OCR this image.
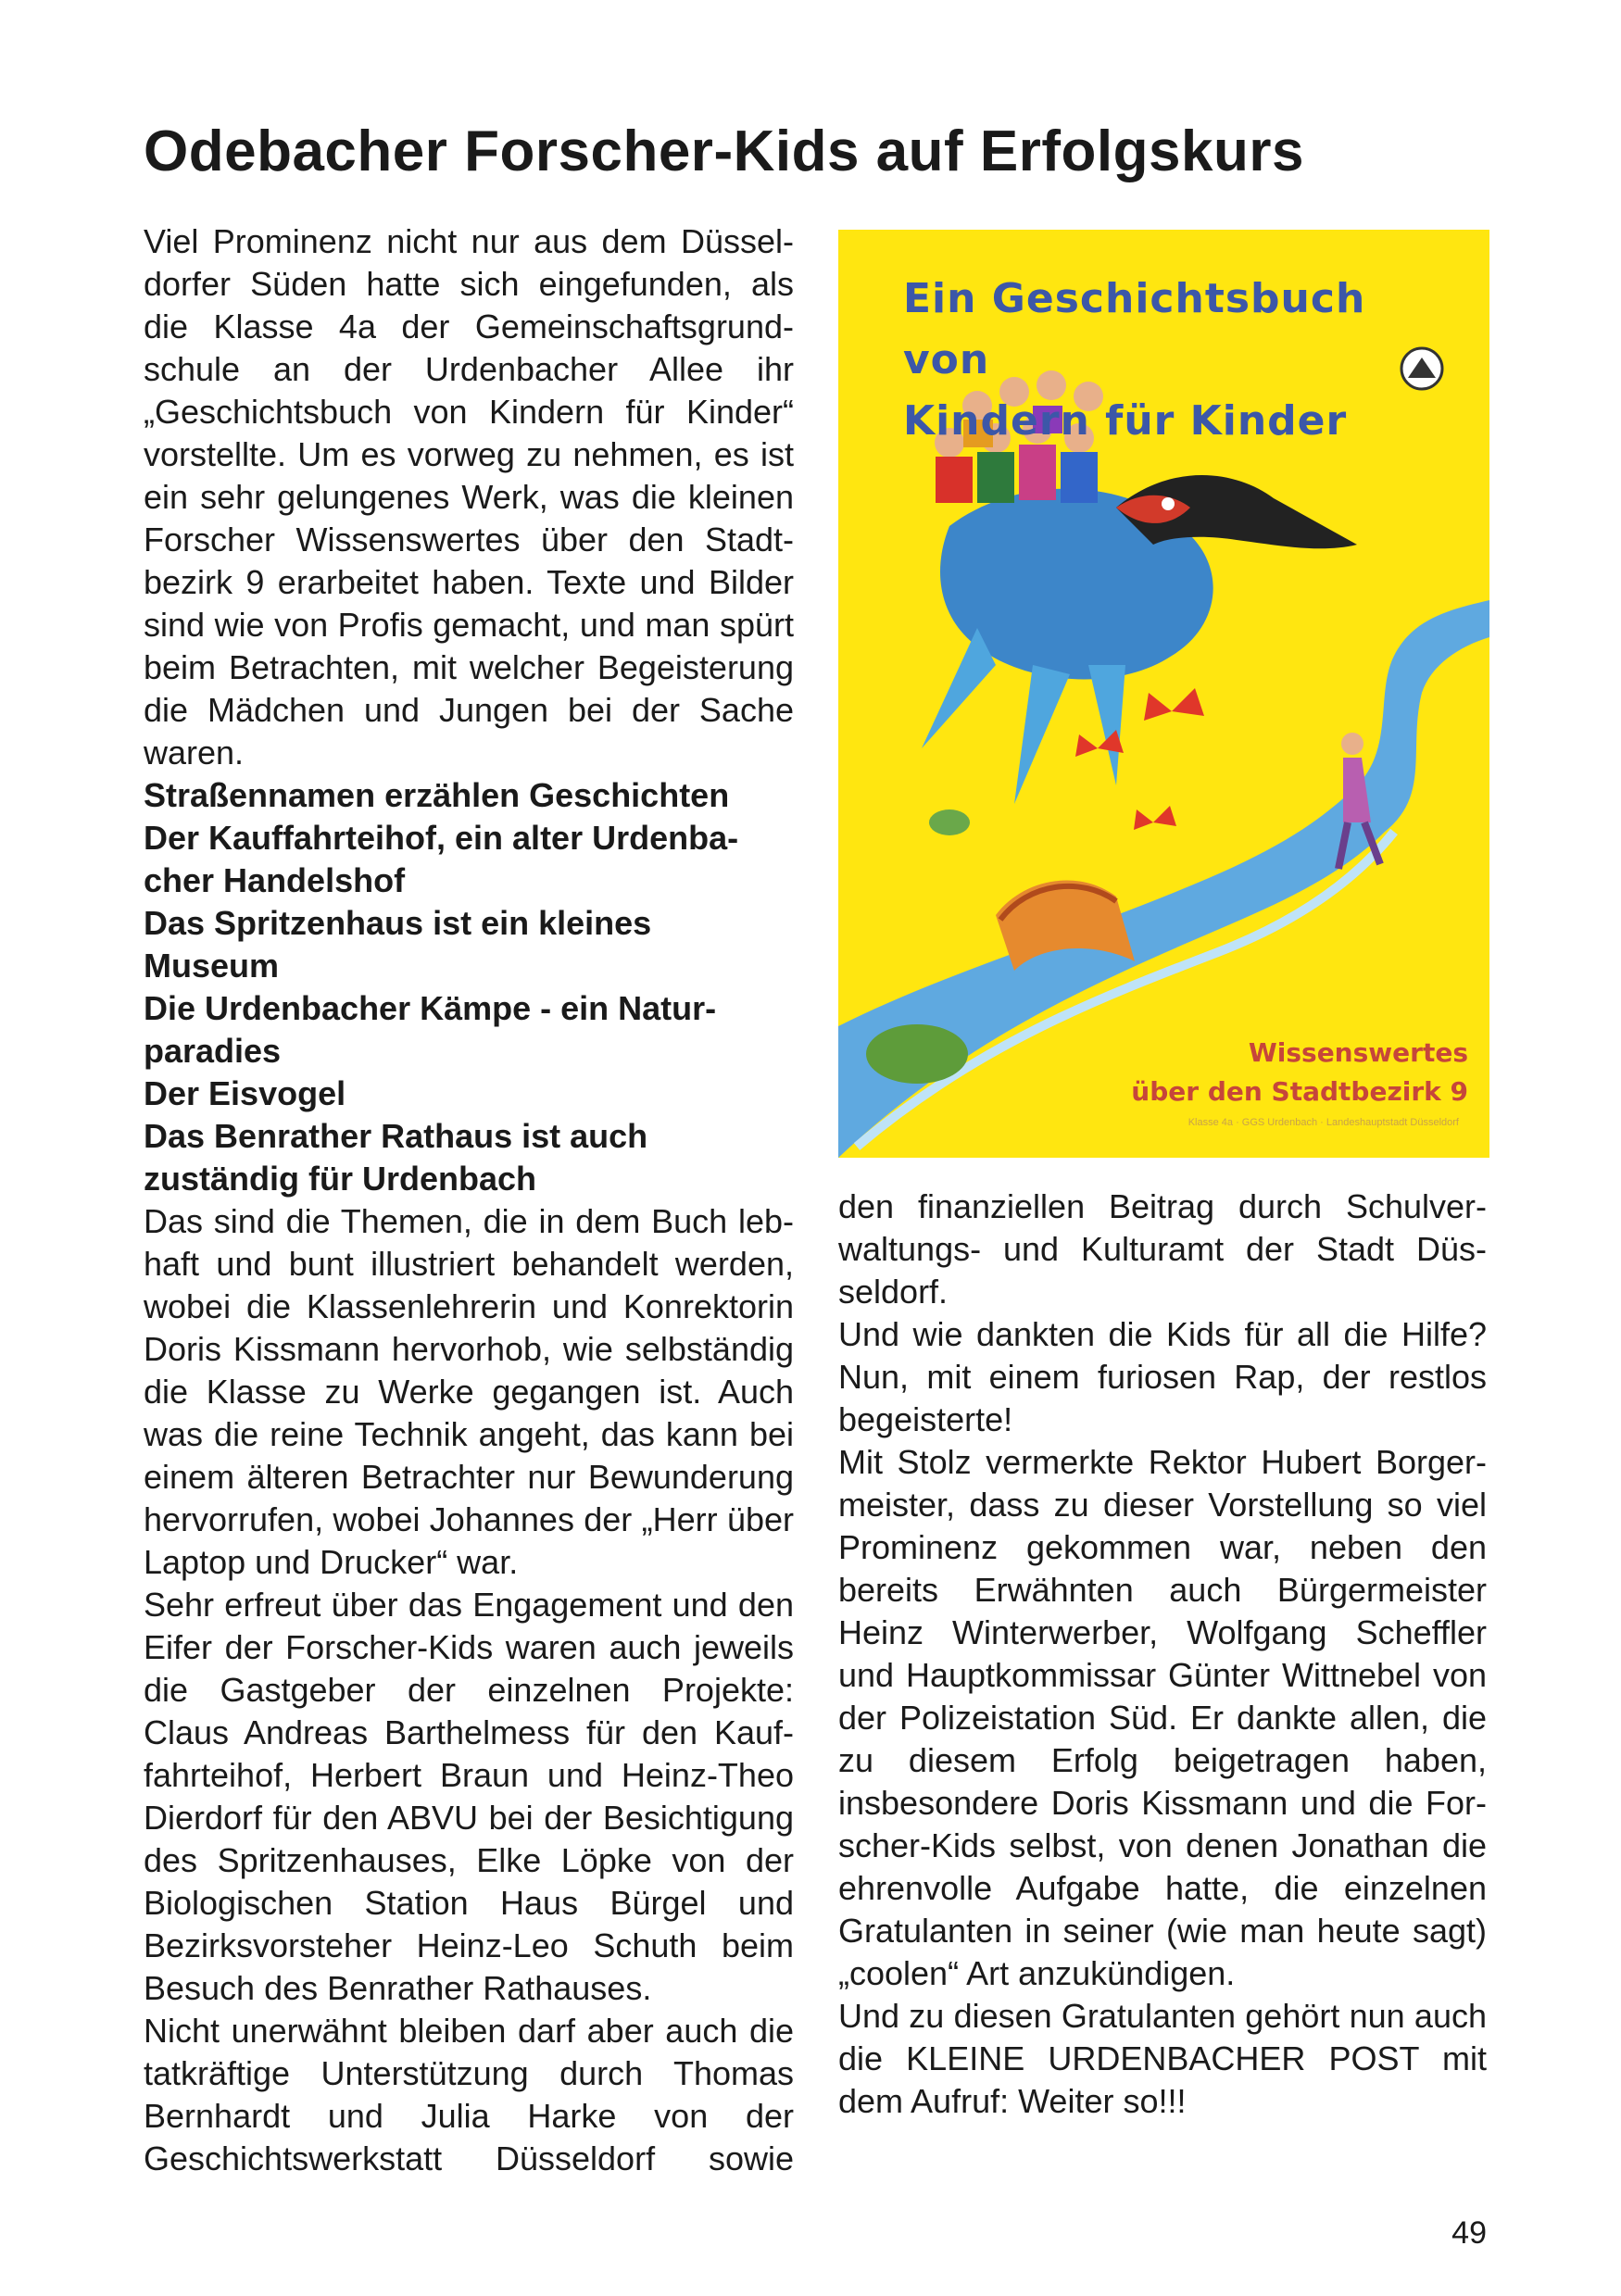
Odebacher Forscher-Kids auf Erfolgskurs

Viel Prominenz nicht nur aus dem Düsseldorfer Süden hatte sich eingefunden, als die Klasse 4a der Gemeinschaftsgrundschule an der Urdenbacher Allee ihr „Geschichtsbuch von Kindern für Kinder“ vorstellte. Um es vorweg zu nehmen, es ist ein sehr gelungenes Werk, was die kleinen Forscher Wissenswertes über den Stadtbezirk 9 erarbeitet haben. Texte und Bilder sind wie von Profis gemacht, und man spürt beim Betrachten, mit welcher Begeisterung die Mädchen und Jungen bei der Sache waren.

Straßennamen erzählen Geschichten

Der Kauffahrteihof, ein alter Urdenbacher Handelshof

Das Spritzenhaus ist ein kleines Museum

Die Urdenbacher Kämpe - ein Naturparadies

Der Eisvogel

Das Benrather Rathaus ist auch zuständig für Urdenbach

Das sind die Themen, die in dem Buch lebhaft und bunt illustriert behandelt werden, wobei die Klassenlehrerin und Konrektorin Doris Kissmann hervorhob, wie selbständig die Klasse zu Werke gegangen ist. Auch was die reine Technik angeht, das kann bei einem älteren Betrachter nur Bewunderung hervorrufen, wobei Johannes der „Herr über Laptop und Drucker“ war.

Sehr erfreut über das Engagement und den Eifer der Forscher-Kids waren auch jeweils die Gastgeber der einzelnen Projekte: Claus Andreas Barthelmess für den Kauffahrteihof, Herbert Braun und Heinz-Theo Dierdorf für den ABVU bei der Besichtigung des Spritzenhauses, Elke Löpke von der Biologischen Station Haus Bürgel und Bezirksvorsteher Heinz-Leo Schuth beim Besuch des Benrather Rathauses.

Nicht unerwähnt bleiben darf aber auch die tatkräftige Unterstützung durch Thomas Bernhardt und Julia Harke von der Geschichtswerkstatt Düsseldorf sowie

Ein Geschichtsbuch von
Kindern für Kinder
Wissenswertes
über den Stadtbezirk 9
Klasse 4a · GGS Urdenbach · Landeshauptstadt Düsseldorf

den finanziellen Beitrag durch Schulverwaltungs- und Kulturamt der Stadt Düsseldorf.

Und wie dankten die Kids für all die Hilfe? Nun, mit einem furiosen Rap, der restlos begeisterte!

Mit Stolz vermerkte Rektor Hubert Borgermeister, dass zu dieser Vorstellung so viel Prominenz gekommen war, neben den bereits Erwähnten auch Bürgermeister Heinz Winterwerber, Wolfgang Scheffler und Hauptkommissar Günter Wittnebel von der Polizeistation Süd. Er dankte allen, die zu diesem Erfolg beigetragen haben, insbesondere Doris Kissmann und die Forscher-Kids selbst, von denen Jonathan die ehrenvolle Aufgabe hatte, die einzelnen Gratulanten in seiner (wie man heute sagt) „coolen“ Art anzukündigen.

Und zu diesen Gratulanten gehört nun auch die KLEINE URDENBACHER POST mit dem Aufruf: Weiter so!!!

49
